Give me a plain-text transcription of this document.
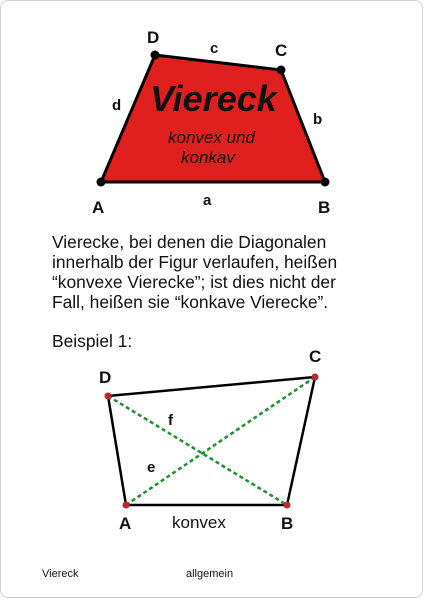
A	B
C
D
a
b
c
d Viereck
konvex und
konkav
A	B
C
D
e
f
konvex

Vierecke, bei denen die Diagonalen
innerhalb der Figur verlaufen, heißen
“konvexe Vierecke”; ist dies nicht der
Fall, heißen sie “konkave Vierecke”.

Beispiel 1:

Viereck	allgemein
